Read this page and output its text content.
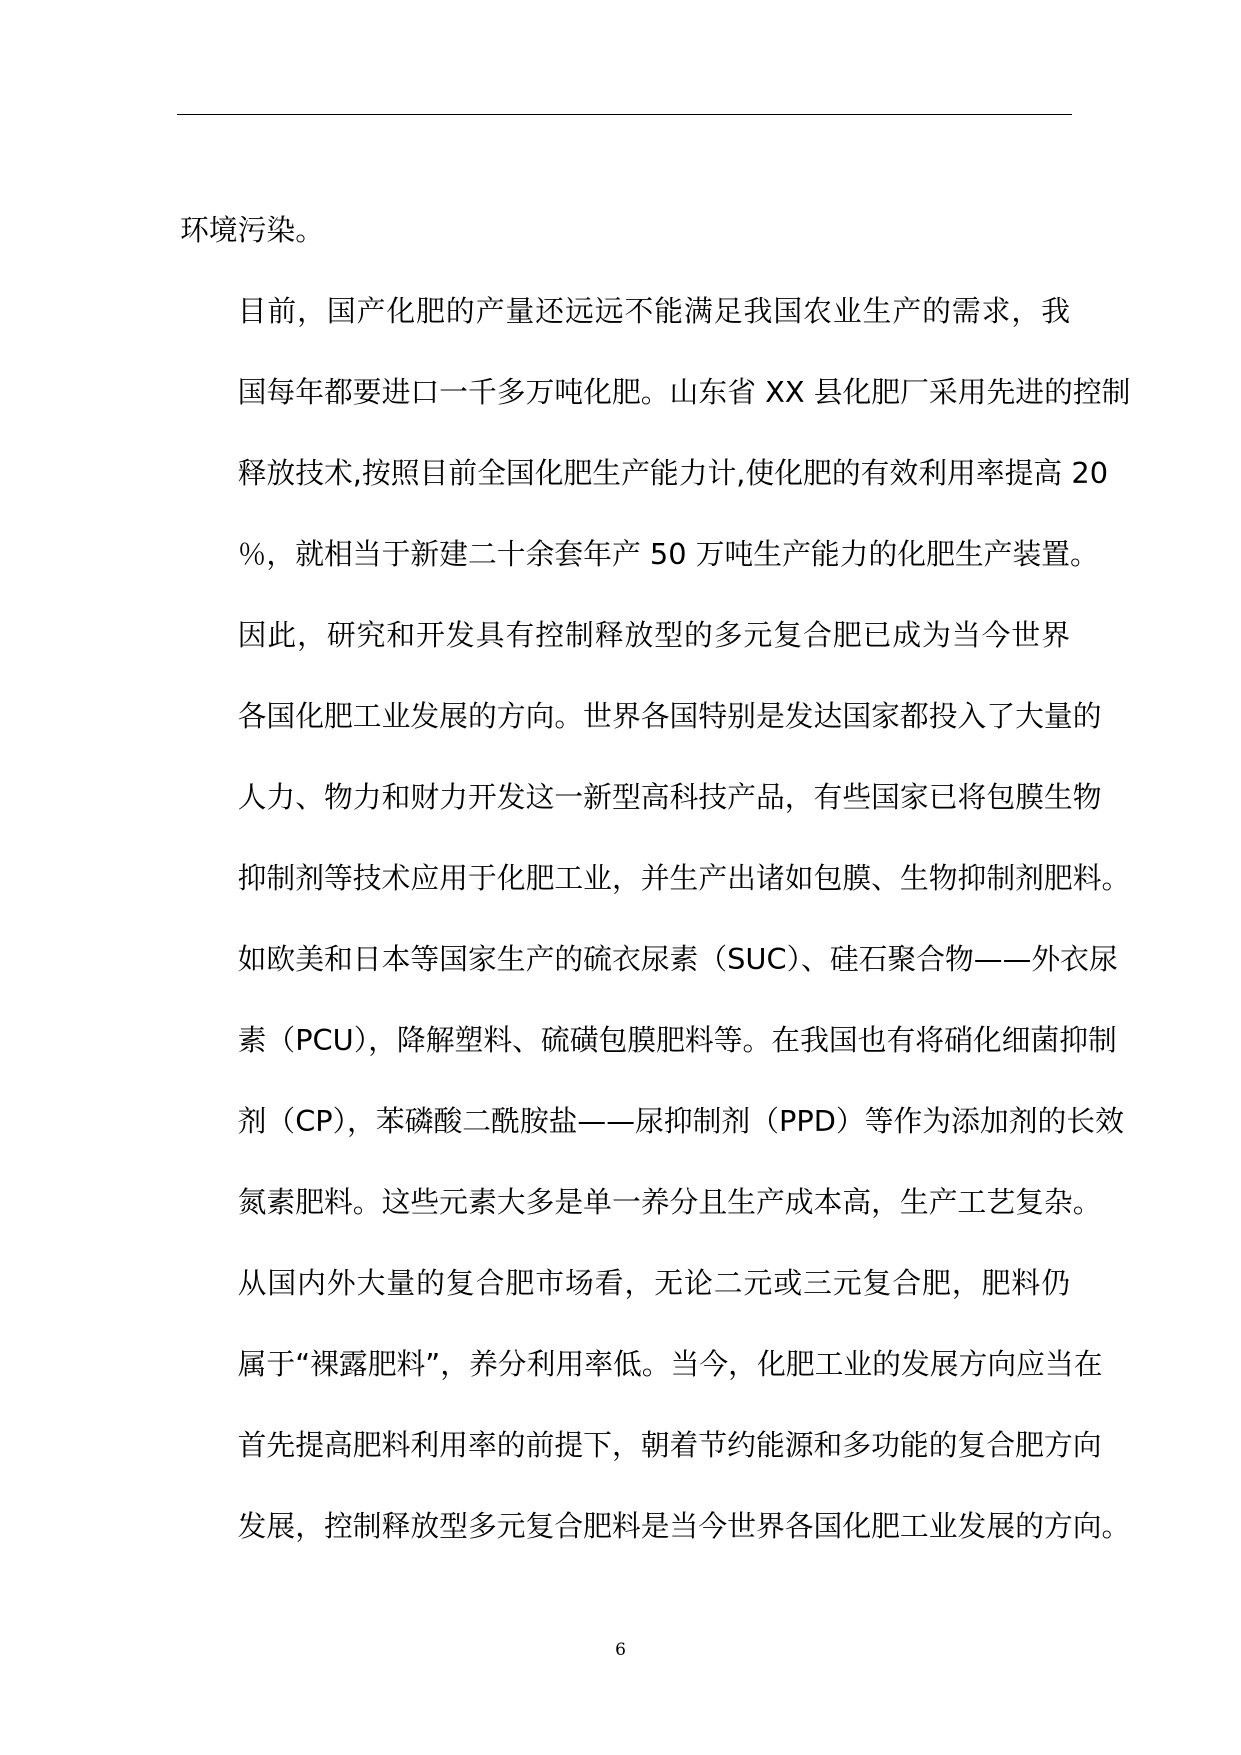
环境污染。

目前，国产化肥的产量还远远不能满足我国农业生产的需求，我
国每年都要进口一千多万吨化肥。山东省 XX 县化肥厂采用先进的控制
释放技术,按照目前全国化肥生产能力计,使化肥的有效利用率提高 20
％，就相当于新建二十余套年产 50 万吨生产能力的化肥生产装置。

因此，研究和开发具有控制释放型的多元复合肥已成为当今世界
各国化肥工业发展的方向。世界各国特别是发达国家都投入了大量的
人力、物力和财力开发这一新型高科技产品，有些国家已将包膜生物
抑制剂等技术应用于化肥工业，并生产出诸如包膜、生物抑制剂肥料。
如欧美和日本等国家生产的硫衣尿素（SUC）、硅石聚合物——外衣尿
素（PCU），降解塑料、硫磺包膜肥料等。在我国也有将硝化细菌抑制
剂（CP），苯磷酸二酰胺盐——尿抑制剂（PPD）等作为添加剂的长效
氮素肥料。这些元素大多是单一养分且生产成本高，生产工艺复杂。

从国内外大量的复合肥市场看，无论二元或三元复合肥，肥料仍
属于“裸露肥料”，养分利用率低。当今，化肥工业的发展方向应当在
首先提高肥料利用率的前提下，朝着节约能源和多功能的复合肥方向
发展，控制释放型多元复合肥料是当今世界各国化肥工业发展的方向。

6
